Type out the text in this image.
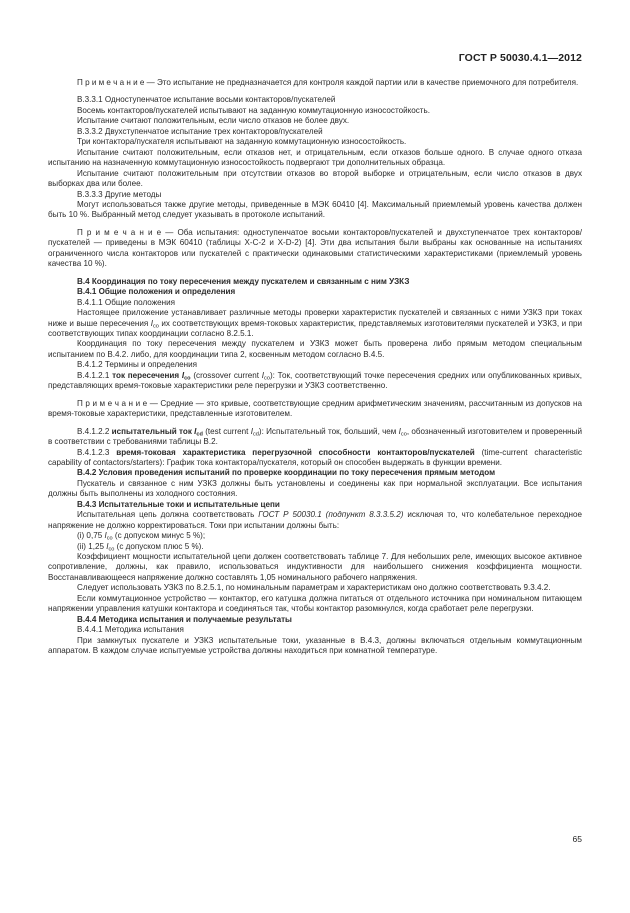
ГОСТ Р 50030.4.1—2012

П р и м е ч а н и е — Это испытание не предназначается для контроля каждой партии или в качестве приемочного для потребителя.

В.3.3.1 Одноступенчатое испытание восьми контакторов/пускателей

Восемь контакторов/пускателей испытывают на заданную коммутационную износостойкость.

Испытание считают положительным, если число отказов не более двух.

В.3.3.2 Двухступенчатое испытание трех контакторов/пускателей

Три контактора/пускателя испытывают на заданную коммутационную износостойкость.

Испытание считают положительным, если отказов нет, и отрицательным, если отказов больше одного. В случае одного отказа испытанию на назначенную коммутационную износостойкость подвергают три дополнительных образца.

Испытание считают положительным при отсутствии отказов во второй выборке и отрицательным, если число отказов в двух выборках два или более.

В.3.3.3 Другие методы

Могут использоваться также другие методы, приведенные в МЭК 60410 [4]. Максимальный приемлемый уровень качества должен быть 10 %. Выбранный метод следует указывать в протоколе испытаний.

П р и м е ч а н и е — Оба испытания: одноступенчатое восьми контакторов/пускателей и двухступенчатое трех контакторов/пускателей — приведены в МЭК 60410 (таблицы X-C-2 и X-D-2) [4]. Эти два испытания были выбраны как основанные на испытаниях ограниченного числа контакторов или пускателей с практически одинаковыми статистическими характеристиками (приемлемый уровень качества 10 %).

В.4 Координация по току пересечения между пускателем и связанным с ним УЗКЗ

В.4.1 Общие положения и определения

В.4.1.1 Общие положения

Настоящее приложение устанавливает различные методы проверки характеристик пускателей и связанных с ними УЗКЗ при токах ниже и выше пересечения $I_{co}$ их соответствующих время-токовых характеристик, представляемых изготовителями пускателей и УЗКЗ, и при соответствующих типах координации согласно 8.2.5.1.

Координация по току пересечения между пускателем и УЗКЗ может быть проверена либо прямым методом специальным испытанием по В.4.2. либо, для координации типа 2, косвенным методом согласно В.4.5.

В.4.1.2 Термины и определения

В.4.1.2.1 ток пересечения $I_{co}$ (crossover current $I_{co}$): Ток, соответствующий точке пересечения средних или опубликованных кривых, представляющих время-токовые характеристики реле перегрузки и УЗКЗ соответственно.

П р и м е ч а н и е — Средние — это кривые, соответствующие средним арифметическим значениям, рассчитанным из допусков на время-токовые характеристики, представленные изготовителем.

В.4.1.2.2 испытательный ток $I_{cd}$ (test current $I_{cd}$): Испытательный ток, больший, чем $I_{co}$, обозначенный изготовителем и проверенный в соответствии с требованиями таблицы В.2.

В.4.1.2.3 время-токовая характеристика перегрузочной способности контакторов/пускателей (time-current characteristic capability of contactors/starters): График тока контактора/пускателя, который он способен выдержать в функции времени.

В.4.2 Условия проведения испытаний по проверке координации по току пересечения прямым методом

Пускатель и связанное с ним УЗКЗ должны быть установлены и соединены как при нормальной эксплуатации. Все испытания должны быть выполнены из холодного состояния.

В.4.3 Испытательные токи и испытательные цепи

Испытательная цепь должна соответствовать ГОСТ Р 50030.1 (подпункт 8.3.3.5.2) исключая то, что колебательное переходное напряжение не должно корректироваться. Токи при испытании должны быть:

(i) 0,75 $I_{co}$ (с допуском минус 5 %);

(ii) 1,25 $I_{co}$ (с допуском плюс 5 %).

Коэффициент мощности испытательной цепи должен соответствовать таблице 7. Для небольших реле, имеющих высокое активное сопротивление, должны, как правило, использоваться индуктивности для наибольшего снижения коэффициента мощности. Восстанавливающееся напряжение должно составлять 1,05 номинального рабочего напряжения.

Следует использовать УЗКЗ по 8.2.5.1, по номинальным параметрам и характеристикам оно должно соответствовать 9.3.4.2.

Если коммутационное устройство — контактор, его катушка должна питаться от отдельного источника при номинальном питающем напряжении управления катушки контактора и соединяться так, чтобы контактор разомкнулся, когда сработает реле перегрузки.

В.4.4 Методика испытания и получаемые результаты

В.4.4.1 Методика испытания

При замкнутых пускателе и УЗКЗ испытательные токи, указанные в В.4.3, должны включаться отдельным коммутационным аппаратом. В каждом случае испытуемые устройства должны находиться при комнатной температуре.

65
